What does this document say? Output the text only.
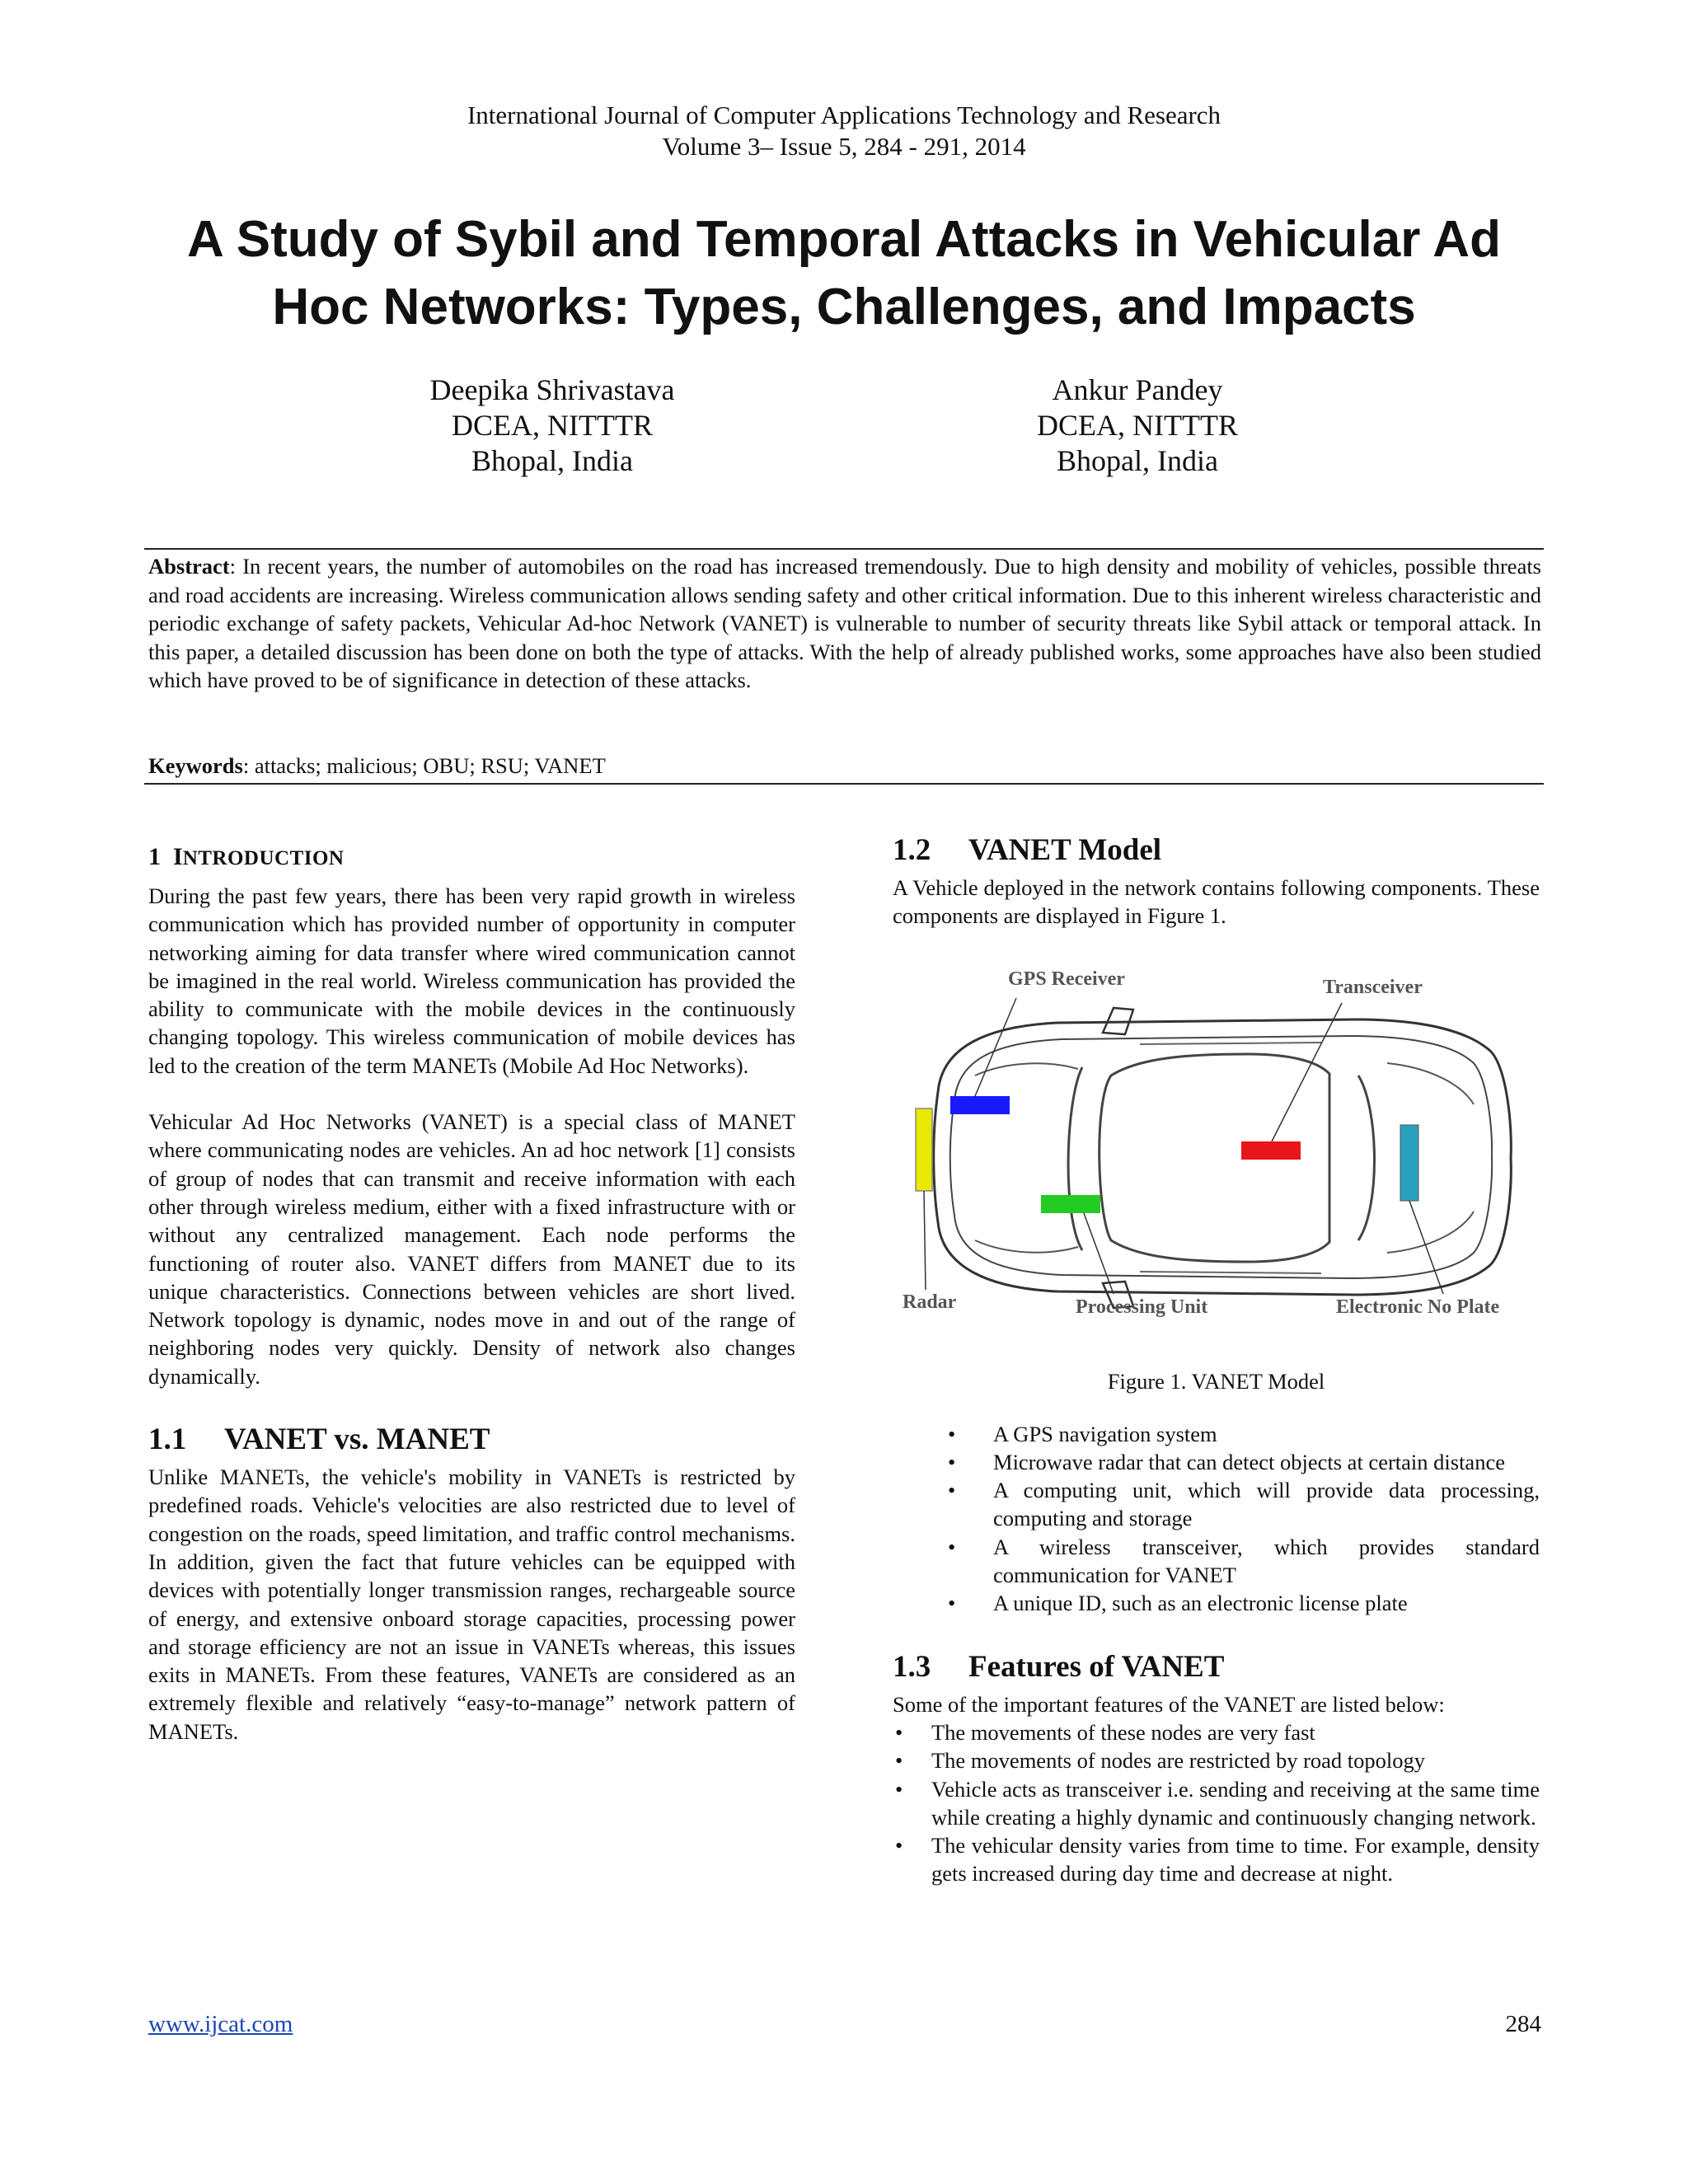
International Journal of Computer Applications Technology and Research
Volume 3– Issue 5, 284 - 291, 2014
A Study of Sybil and Temporal Attacks in Vehicular Ad
Hoc Networks: Types, Challenges, and Impacts
Deepika Shrivastava
DCEA, NITTTR
Bhopal, India
Ankur Pandey
DCEA, NITTTR
Bhopal, India
Abstract: In recent years, the number of automobiles on the road has increased tremendously. Due to high density and mobility of vehicles, possible threats and road accidents are increasing. Wireless communication allows sending safety and other critical information. Due to this inherent wireless characteristic and periodic exchange of safety packets, Vehicular Ad-hoc Network (VANET) is vulnerable to number of security threats like Sybil attack or temporal attack. In this paper, a detailed discussion has been done on both the type of attacks. With the help of already published works, some approaches have also been studied which have proved to be of significance in detection of these attacks.
Keywords: attacks; malicious; OBU; RSU; VANET
1 INTRODUCTION

During the past few years, there has been very rapid growth in wireless communication which has provided number of opportunity in computer networking aiming for data transfer where wired communication cannot be imagined in the real world. Wireless communication has provided the ability to communicate with the mobile devices in the continuously changing topology. This wireless communication of mobile devices has led to the creation of the term MANETs (Mobile Ad Hoc Networks).

Vehicular Ad Hoc Networks (VANET) is a special class of MANET where communicating nodes are vehicles. An ad hoc network [1] consists of group of nodes that can transmit and receive information with each other through wireless medium, either with a fixed infrastructure with or without any centralized management. Each node performs the functioning of router also. VANET differs from MANET due to its unique characteristics. Connections between vehicles are short lived. Network topology is dynamic, nodes move in and out of the range of neighboring nodes very quickly. Density of network also changes dynamically.

1.1 VANET vs. MANET

Unlike MANETs, the vehicle's mobility in VANETs is restricted by predefined roads. Vehicle's velocities are also restricted due to level of congestion on the roads, speed limitation, and traffic control mechanisms. In addition, given the fact that future vehicles can be equipped with devices with potentially longer transmission ranges, rechargeable source of energy, and extensive onboard storage capacities, processing power and storage efficiency are not an issue in VANETs whereas, this issues exits in MANETs. From these features, VANETs are considered as an extremely flexible and relatively “easy-to-manage” network pattern of MANETs.

1.2 VANET Model

A Vehicle deployed in the network contains following components. These components are displayed in Figure 1.

GPS Receiver	Transceiver
Radar	Processing Unit	Electronic No Plate
Figure 1. VANET Model
• A GPS navigation system
• Microwave radar that can detect objects at certain distance
• A computing unit, which will provide data processing, computing and storage
• A wireless transceiver, which provides standard communication for VANET
• A unique ID, such as an electronic license plate
1.3 Features of VANET

Some of the important features of the VANET are listed below:

• The movements of these nodes are very fast
• The movements of nodes are restricted by road topology
• Vehicle acts as transceiver i.e. sending and receiving at the same time while creating a highly dynamic and continuously changing network.
• The vehicular density varies from time to time. For example, density gets increased during day time and decrease at night.
www.ijcat.com	284
